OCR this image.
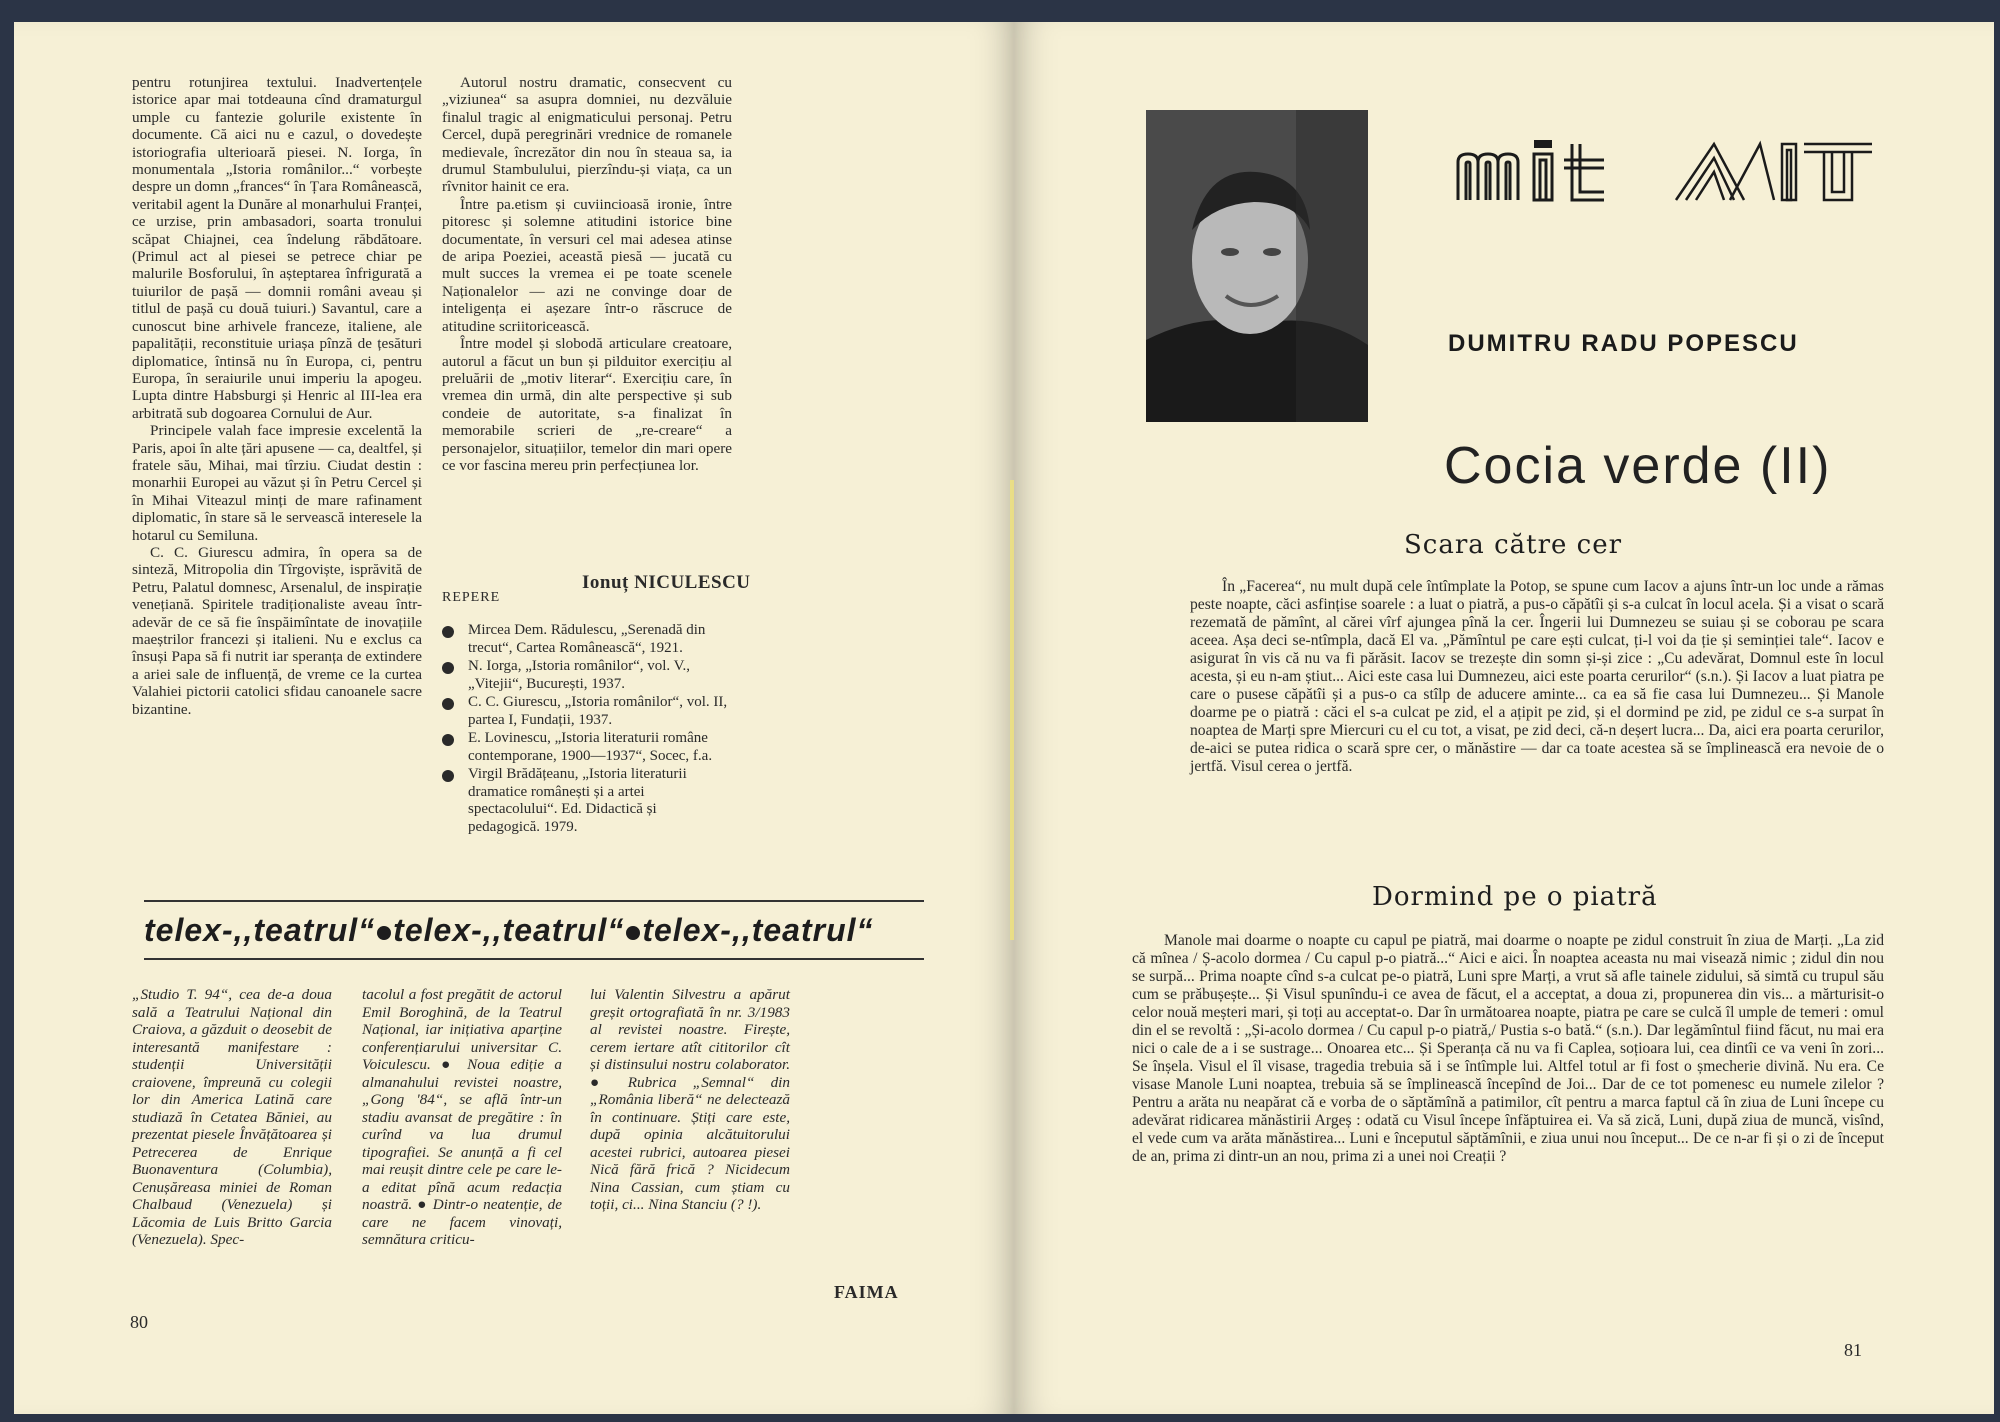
pentru rotunjirea textului. Inadvertențele istorice apar mai totdeauna cînd dramaturgul umple cu fantezie golurile existente în documente. Că aici nu e cazul, o dovedește istoriografia ulterioară piesei. N. Iorga, în monumentala „Istoria românilor...“ vorbește despre un domn „frances“ în Țara Românească, veritabil agent la Dunăre al monarhului Franței, ce urzise, prin ambasadori, soarta tronului scăpat Chiajnei, cea îndelung răbdătoare. (Primul act al piesei se petrece chiar pe malurile Bosforului, în așteptarea înfrigurată a tuiurilor de pașă — domnii români aveau și titlul de pașă cu două tuiuri.) Savantul, care a cunoscut bine arhivele franceze, italiene, ale papalității, reconstituie uriașa pînză de țesături diplomatice, întinsă nu în Europa, ci, pentru Europa, în seraiurile unui imperiu la apogeu. Lupta dintre Habsburgi și Henric al III-lea era arbitrată sub dogoarea Cornului de Aur.

Principele valah face impresie excelentă la Paris, apoi în alte țări apusene — ca, dealtfel, și fratele său, Mihai, mai tîrziu. Ciudat destin : monarhii Europei au văzut și în Petru Cercel și în Mihai Viteazul minți de mare rafinament diplomatic, în stare să le servească interesele la hotarul cu Semiluna.

C. C. Giurescu admira, în opera sa de sinteză, Mitropolia din Tîrgoviște, isprăvită de Petru, Palatul domnesc, Arsenalul, de inspirație venețiană. Spiritele tradiționaliste aveau într-adevăr de ce să fie înspăimîntate de inovațiile maeștrilor francezi și italieni. Nu e exclus ca însuși Papa să fi nutrit iar speranța de extindere a ariei sale de influență, de vreme ce la curtea Valahiei pictorii catolici sfidau canoanele sacre bizantine.

Autorul nostru dramatic, consecvent cu „viziunea“ sa asupra domniei, nu dezvăluie finalul tragic al enigmaticului personaj. Petru Cercel, după peregrinări vrednice de romanele medievale, încrezător din nou în steaua sa, ia drumul Stambulului, pierzîndu-și viața, ca un rîvnitor hainit ce era.

Între pa.etism și cuviincioasă ironie, între pitoresc și solemne atitudini istorice bine documentate, în versuri cel mai adesea atinse de aripa Poeziei, această piesă — jucată cu mult succes la vremea ei pe toate scenele Naționalelor — azi ne convinge doar de inteligența ei așezare într-o răscruce de atitudine scriitoricească.

Între model și slobodă articulare creatoare, autorul a făcut un bun și pilduitor exercițiu al preluării de „motiv literar“. Exercițiu care, în vremea din urmă, din alte perspective și sub condeie de autoritate, s-a finalizat în memorabile scrieri de „re-creare“ a personajelor, situațiilor, temelor din mari opere ce vor fascina mereu prin perfecțiunea lor.

Ionuț NICULESCU
REPERE
Mircea Dem. Rădulescu, „Serenadă din trecut“, Cartea Românească“, 1921.
N. Iorga, „Istoria românilor“, vol. V., „Vitejii“, București, 1937.
C. C. Giurescu, „Istoria românilor“, vol. II, partea I, Fundații, 1937.
E. Lovinescu, „Istoria literaturii române contemporane, 1900—1937“, Socec, f.a.
Virgil Brădățeanu, „Istoria literaturii dramatice românești și a artei spectacolului“. Ed. Didactică și pedagogică. 1979.
telex-,,teatrul“ telex-,,teatrul“ telex-,,teatrul“
„Studio T. 94“, cea de-a doua sală a Teatrului Național din Craiova, a găzduit o deosebit de interesantă manifestare : studenții Universității craiovene, împreună cu colegii lor din America Latină care studiază în Cetatea Băniei, au prezentat piesele Învățătoarea și Petrecerea de Enrique Buonaventura (Columbia), Cenușăreasa miniei de Roman Chalbaud (Venezuela) și Lăcomia de Luis Britto Garcia (Venezuela). Spec-
tacolul a fost pregătit de actorul Emil Boroghină, de la Teatrul Național, iar inițiativa aparține conferențiarului universitar C. Voiculescu. ● Noua ediție a almanahului revistei noastre, „Gong '84“, se află într-un stadiu avansat de pregătire : în curînd va lua drumul tipografiei. Se anunță a fi cel mai reușit dintre cele pe care le-a editat pînă acum redacția noastră. ● Dintr-o neatenție, de care ne facem vinovați, semnătura criticu-
lui Valentin Silvestru a apărut greșit ortografiată în nr. 3/1983 al revistei noastre. Firește, cerem iertare atît cititorilor cît și distinsului nostru colaborator. ● Rubrica „Semnal“ din „România liberă“ ne delectează în continuare. Știți care este, după opinia alcătuitorului acestei rubrici, autoarea piesei Nică fără frică ? Nicidecum Nina Cassian, cum știam cu toții, ci... Nina Stanciu (? !).
FAIMA
80
DUMITRU RADU POPESCU
Cocia verde (II)
Scara către cer

În „Facerea“, nu mult după cele întîmplate la Potop, se spune cum Iacov a ajuns într-un loc unde a rămas peste noapte, căci asfințise soarele : a luat o piatră, a pus-o căpătîi și s-a culcat în locul acela. Și a visat o scară rezemată de pămînt, al cărei vîrf ajungea pînă la cer. Îngerii lui Dumnezeu se suiau și se coborau pe scara aceea. Așa deci se-ntîmpla, dacă El va. „Pămîntul pe care ești culcat, ți-l voi da ție și seminției tale“. Iacov e asigurat în vis că nu va fi părăsit. Iacov se trezește din somn și-și zice : „Cu adevărat, Domnul este în locul acesta, și eu n-am știut... Aici este casa lui Dumnezeu, aici este poarta cerurilor“ (s.n.). Și Iacov a luat piatra pe care o pusese căpătîi și a pus-o ca stîlp de aducere aminte... ca ea să fie casa lui Dumnezeu... Și Manole doarme pe o piatră : căci el s-a culcat pe zid, el a ațipit pe zid, și el dormind pe zid, pe zidul ce s-a surpat în noaptea de Marți spre Miercuri cu el cu tot, a visat, pe zid deci, că-n deșert lucra... Da, aici era poarta cerurilor, de-aici se putea ridica o scară spre cer, o mănăstire — dar ca toate acestea să se împlinească era nevoie de o jertfă. Visul cerea o jertfă.

Dormind pe o piatră

Manole mai doarme o noapte cu capul pe piatră, mai doarme o noapte pe zidul construit în ziua de Marți. „La zid că mînea / Ș-acolo dormea / Cu capul p-o piatră...“ Aici e aici. În noaptea aceasta nu mai visează nimic ; zidul din nou se surpă... Prima noapte cînd s-a culcat pe-o piatră, Luni spre Marți, a vrut să afle tainele zidului, să simtă cu trupul său cum se prăbușește... Și Visul spunîndu-i ce avea de făcut, el a acceptat, a doua zi, propunerea din vis... a mărturisit-o celor nouă meșteri mari, și toți au acceptat-o. Dar în următoarea noapte, piatra pe care se culcă îl umple de temeri : omul din el se revoltă : „Și-acolo dormea / Cu capul p-o piatră,/ Pustia s-o bată.“ (s.n.). Dar legămîntul fiind făcut, nu mai era nici o cale de a i se sustrage... Onoarea etc... Și Speranța că nu va fi Caplea, soțioara lui, cea dintîi ce va veni în zori... Se înșela. Visul el îl visase, tragedia trebuia să i se întîmple lui. Altfel totul ar fi fost o șmecherie divină. Nu era. Ce visase Manole Luni noaptea, trebuia să se împlinească începînd de Joi... Dar de ce tot pomenesc eu numele zilelor ? Pentru a arăta nu neapărat că e vorba de o săptămînă a patimilor, cît pentru a marca faptul că în ziua de Luni începe cu adevărat ridicarea mănăstirii Argeș : odată cu Visul începe înfăptuirea ei. Va să zică, Luni, după ziua de muncă, visînd, el vede cum va arăta mănăstirea... Luni e începutul săptămînii, e ziua unui nou început... De ce n-ar fi și o zi de început de an, prima zi dintr-un an nou, prima zi a unei noi Creații ?

81
